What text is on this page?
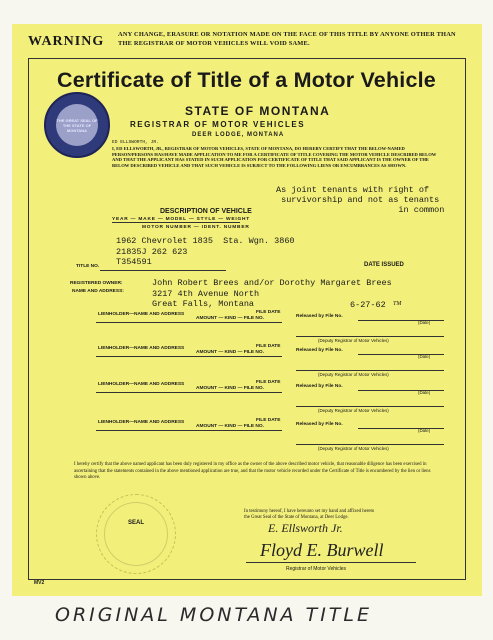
WARNING ANY CHANGE, ERASURE OR NOTATION MADE ON THE FACE OF THIS TITLE BY ANYONE OTHER THAN THE REGISTRAR OF MOTOR VEHICLES WILL VOID SAME.
Certificate of Title of a Motor Vehicle
THE GREAT SEAL OF THE STATE OF MONTANA
STATE OF MONTANA
REGISTRAR OF MOTOR VEHICLES
DEER LODGE, MONTANA
ED ELLSWORTH, JR.
I, ED ELLSWORTH, JR., REGISTRAR OF MOTOR VEHICLES, STATE OF MONTANA, DO HEREBY CERTIFY THAT THE BELOW-NAMED PERSON/PERSONS HAS/HAVE MADE APPLICATION TO ME FOR A CERTIFICATE OF TITLE COVERING THE MOTOR VEHICLE DESCRIBED BELOW AND THAT THE APPLICANT HAS STATED IN SUCH APPLICATION FOR CERTIFICATE OF TITLE THAT SAID APPLICANT IS THE OWNER OF THE BELOW DESCRIBED VEHICLE AND THAT SUCH VEHICLE IS SUBJECT TO THE FOLLOWING LIENS OR ENCUMBRANCES AS SHOWN.
As joint tenants with right of
survivorship and not as tenants
in common
DESCRIPTION OF VEHICLE
YEAR — MAKE — MODEL — STYLE — WEIGHT
MOTOR NUMBER — IDENT. NUMBER
1962 Chevrolet 1835  Sta. Wgn. 3860
21835J 262 623
T354591
TITLE NO.	DATE ISSUED
REGISTERED OWNER:
NAME AND ADDRESS:
John Robert Brees and/or Dorothy Margaret Brees
3217 4th Avenue North
Great Falls, Montana	6-27-62 TM
LIENHOLDER—NAME AND ADDRESS	FILE DATE
AMOUNT — KIND — FILE NO.	Released by File No.
(Date)
(Deputy Registrar of Motor Vehicles)
LIENHOLDER—NAME AND ADDRESS	FILE DATE
AMOUNT — KIND — FILE NO.	Released by File No.
(Date)
(Deputy Registrar of Motor Vehicles)
LIENHOLDER—NAME AND ADDRESS	FILE DATE
AMOUNT — KIND — FILE NO.	Released by File No.
(Date)
(Deputy Registrar of Motor Vehicles)
LIENHOLDER—NAME AND ADDRESS	FILE DATE
AMOUNT — KIND — FILE NO.	Released by File No.
(Date)
(Deputy Registrar of Motor Vehicles)
I hereby certify that the above named applicant has been duly registered in my office as the owner of the above described motor vehicle, that reasonable diligence has been exercised in ascertaining that the statements contained in the above mentioned application are true, and that the motor vehicle recorded under the Certificate of Title is encumbered by the lien or liens shown above.
SEAL
In testimony hereof, I have hereunto set my hand and affixed hereto
the Great Seal of the State of Montana, at Deer Lodge.
E. Ellsworth Jr.
Floyd E. Burwell
Registrar of Motor Vehicles
MV2
ORIGINAL MONTANA TITLE
